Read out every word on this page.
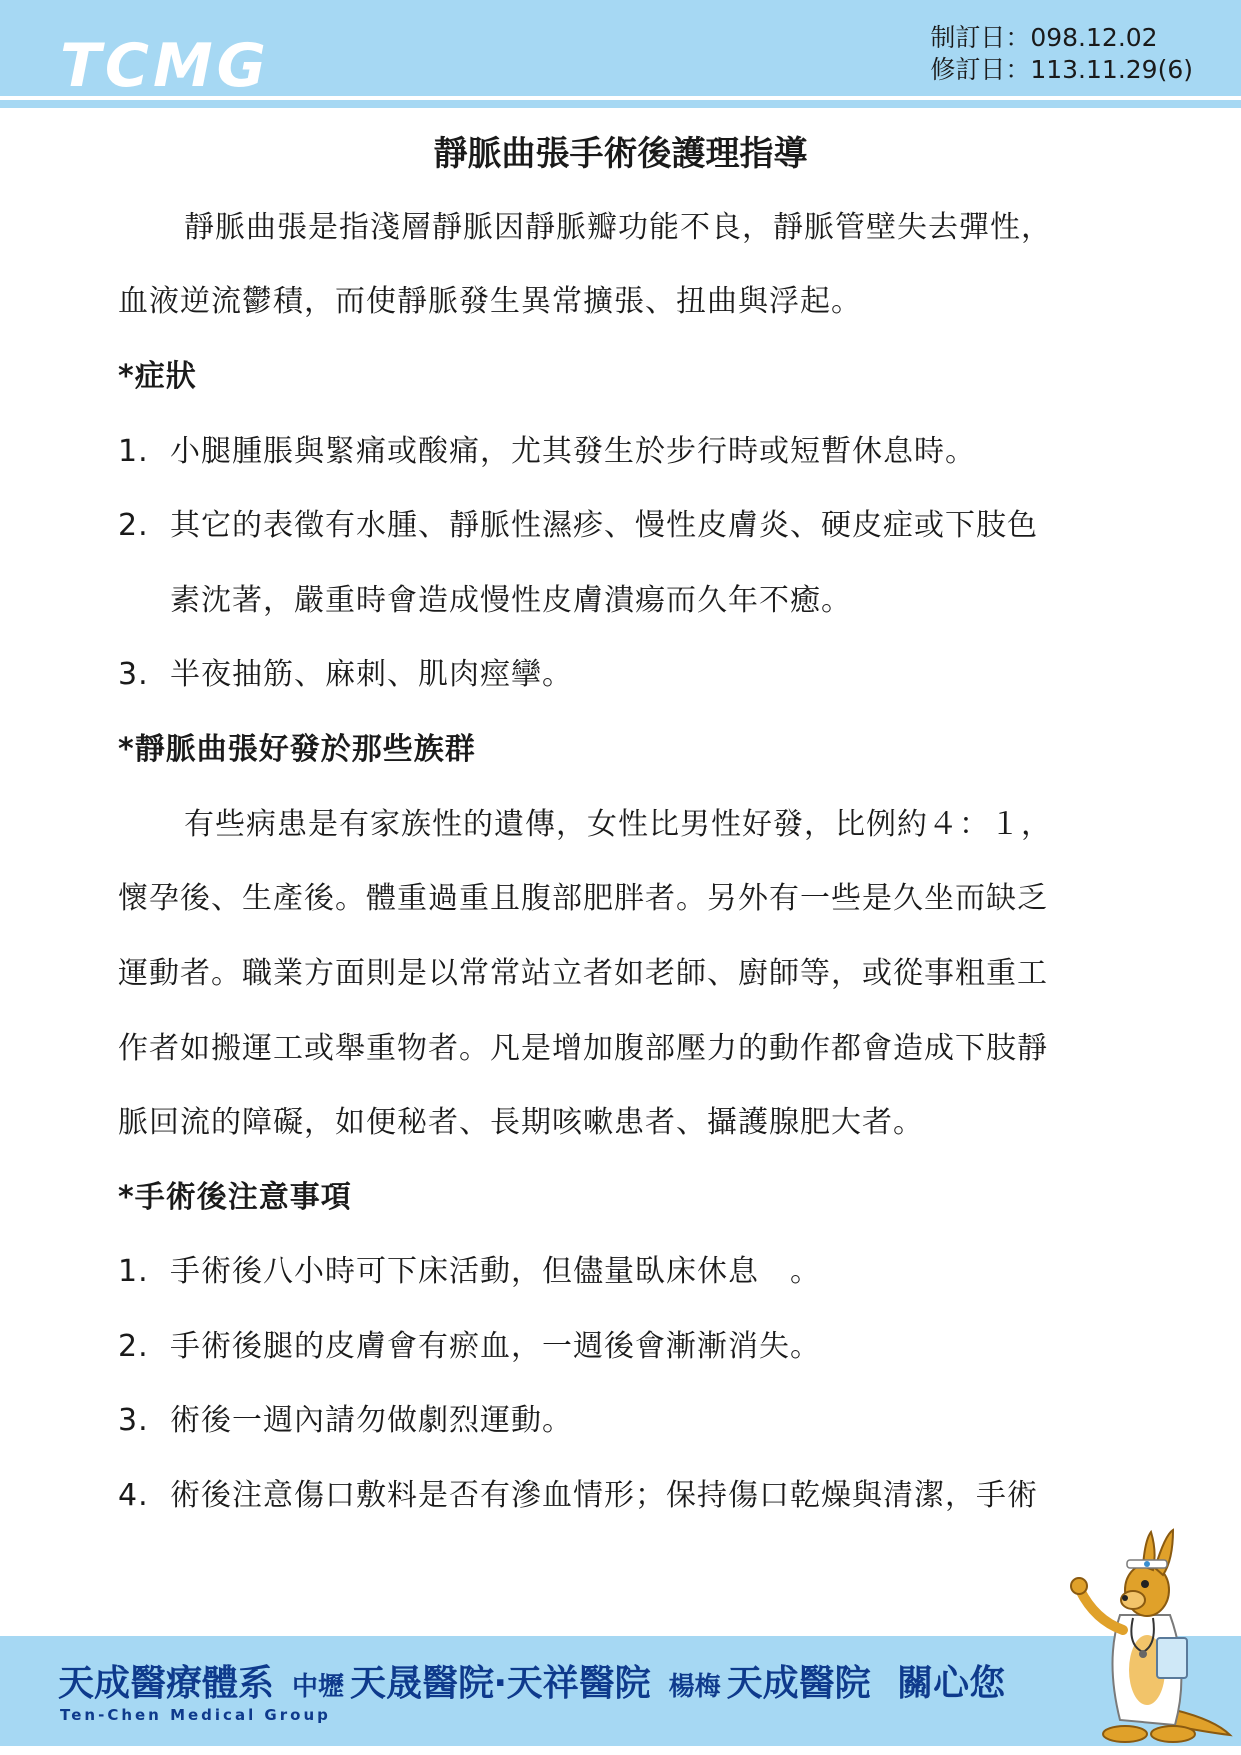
TCMG	制訂日：098.12.02
修訂日：113.11.29(6)
靜脈曲張手術後護理指導
靜脈曲張是指淺層靜脈因靜脈瓣功能不良，靜脈管壁失去彈性，
血液逆流鬱積，而使靜脈發生異常擴張、扭曲與浮起。
*症狀
1. 小腿腫脹與緊痛或酸痛，尤其發生於步行時或短暫休息時。
2. 其它的表徵有水腫、靜脈性濕疹、慢性皮膚炎、硬皮症或下肢色
素沈著，嚴重時會造成慢性皮膚潰瘍而久年不癒。
3. 半夜抽筋、麻刺、肌肉痙攣。
*靜脈曲張好發於那些族群
有些病患是有家族性的遺傳，女性比男性好發，比例約４：１，
懷孕後、生產後。體重過重且腹部肥胖者。另外有一些是久坐而缺乏
運動者。職業方面則是以常常站立者如老師、廚師等，或從事粗重工
作者如搬運工或舉重物者。凡是增加腹部壓力的動作都會造成下肢靜
脈回流的障礙，如便秘者、長期咳嗽患者、攝護腺肥大者。
*手術後注意事項
1. 手術後八小時可下床活動，但儘量臥床休息　。
2. 手術後腿的皮膚會有瘀血，一週後會漸漸消失。
3. 術後一週內請勿做劇烈運動。
4. 術後注意傷口敷料是否有滲血情形；保持傷口乾燥與清潔，手術
天成醫療體系 中壢 天晟醫院‧天祥醫院 楊梅 天成醫院 關心您
Ten-Chen Medical Group
